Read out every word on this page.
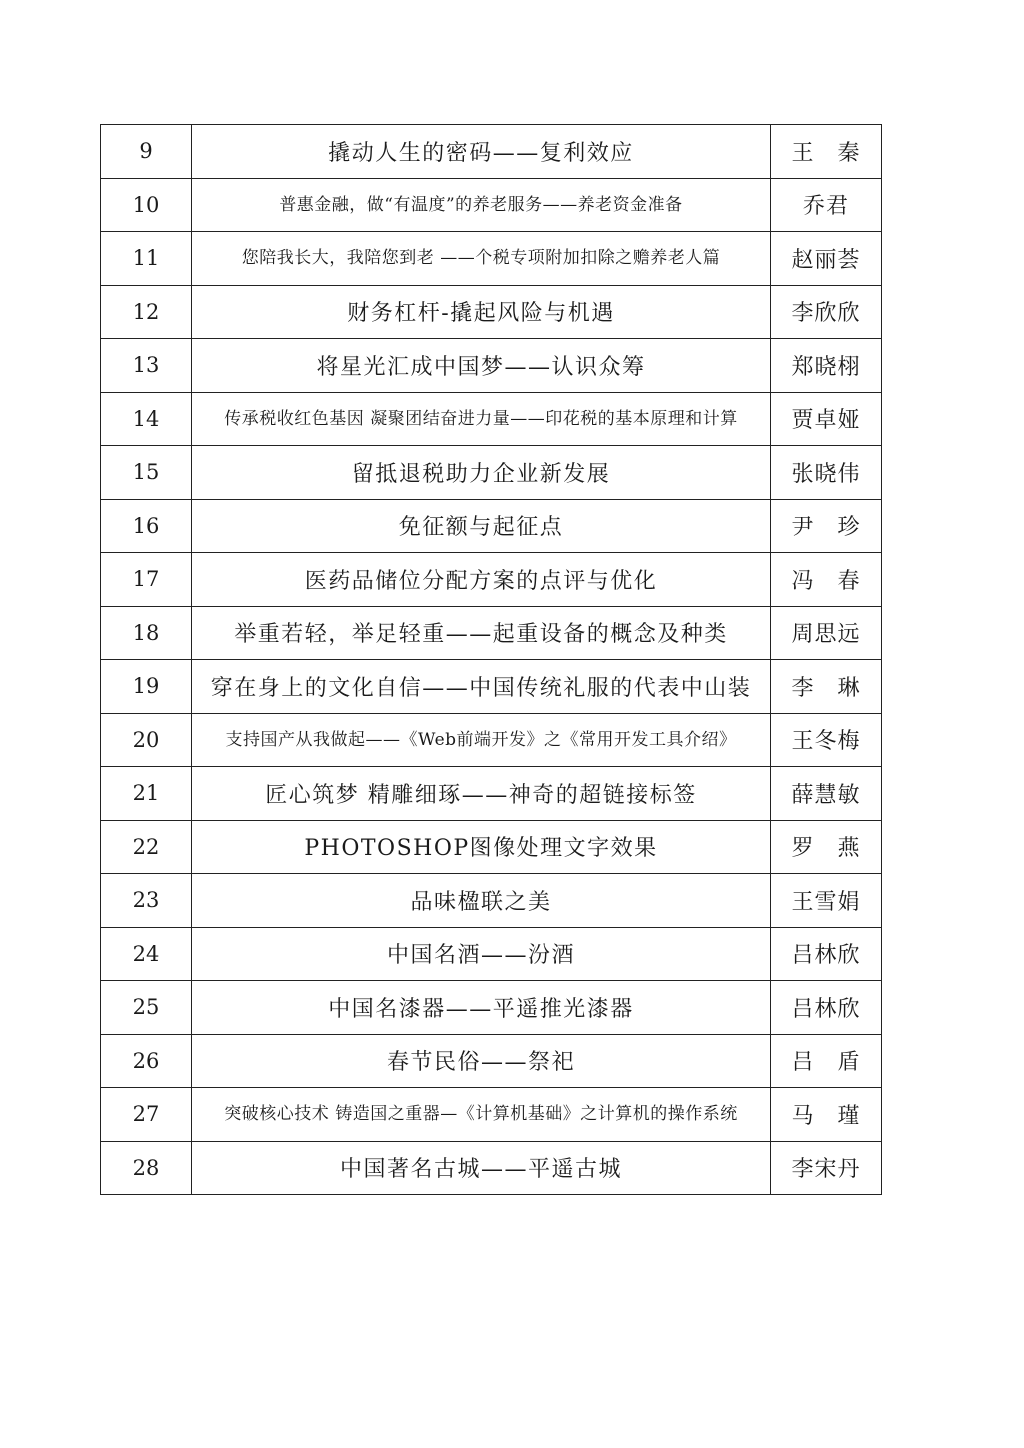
9	撬动人生的密码——复利效应	王　秦
10	普惠金融，做“有温度”的养老服务——养老资金准备	乔君
11	您陪我长大，我陪您到老 ——个税专项附加扣除之赡养老人篇	赵丽荟
12	财务杠杆-撬起风险与机遇	李欣欣
13	将星光汇成中国梦——认识众筹	郑晓栩
14	传承税收红色基因 凝聚团结奋进力量——印花税的基本原理和计算	贾卓娅
15	留抵退税助力企业新发展	张晓伟
16	免征额与起征点	尹　珍
17	医药品储位分配方案的点评与优化	冯　春
18	举重若轻，举足轻重——起重设备的概念及种类	周思远
19	穿在身上的文化自信——中国传统礼服的代表中山装	李　琳
20	支持国产从我做起——《Web前端开发》之《常用开发工具介绍》	王冬梅
21	匠心筑梦 精雕细琢——神奇的超链接标签	薛慧敏
22	PHOTOSHOP图像处理文字效果	罗　燕
23	品味楹联之美	王雪娟
24	中国名酒——汾酒	吕林欣
25	中国名漆器——平遥推光漆器	吕林欣
26	春节民俗——祭祀	吕　盾
27	突破核心技术 铸造国之重器—《计算机基础》之计算机的操作系统	马　瑾
28	中国著名古城——平遥古城	李宋丹
